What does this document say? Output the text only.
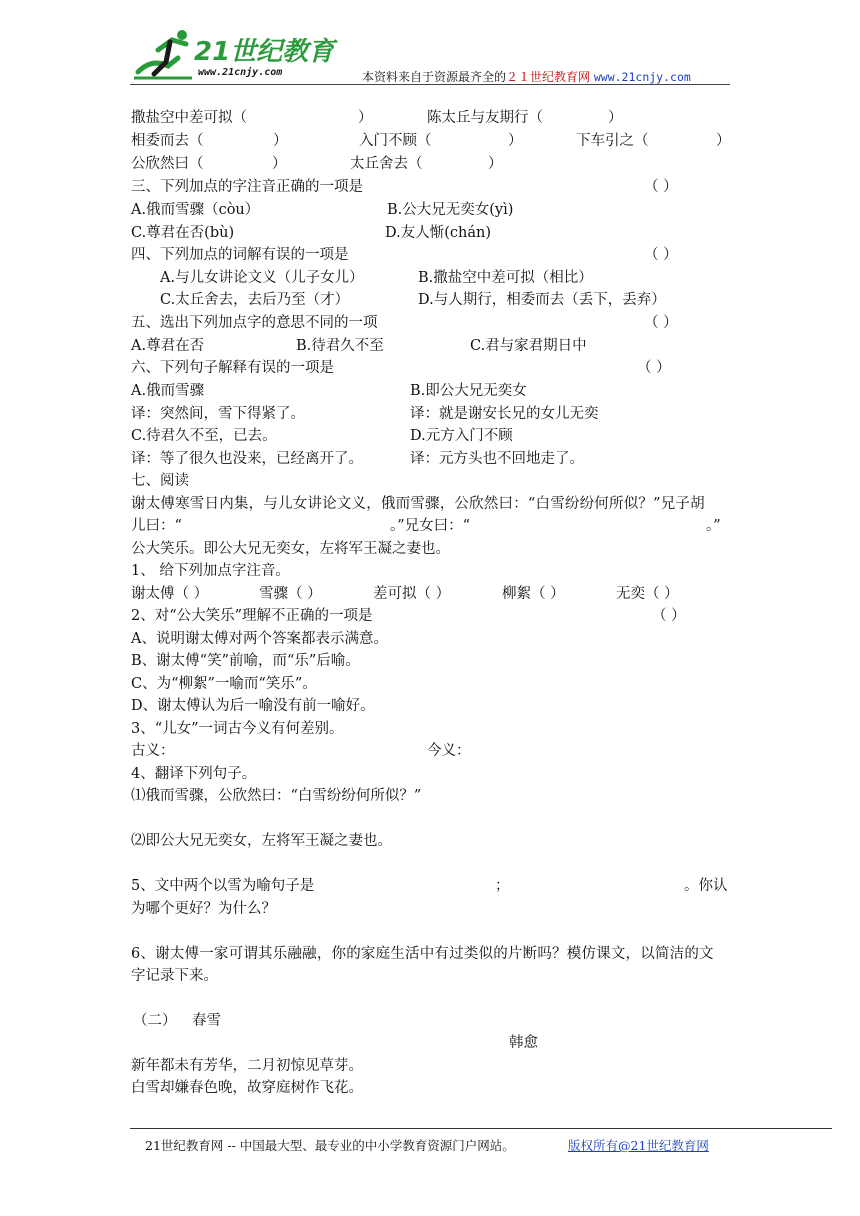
21世纪教育
www.21cnjy.com	本资料来自于资源最齐全的２１世纪教育网 www.21cnjy.com
撒盐空中差可拟（	）	陈太丘与友期行（	）
相委而去（	）	入门不顾（	）	下车引之（	）
公欣然曰（	）	太丘舍去（	）
三、下列加点的字注音正确的一项是	（ ）
A.俄而雪骤（còu）	B.公大兄无奕女(yì)
C.尊君在否(bù)	D.友人惭(chán)
四、下列加点的词解有误的一项是	（ ）
A.与儿女讲论文义（儿子女儿）	B.撒盐空中差可拟（相比）
C.太丘舍去，去后乃至（才）	D.与人期行，相委而去（丢下，丢弃）
五、选出下列加点字的意思不同的一项	（ ）
A.尊君在否	B.待君久不至	C.君与家君期日中
六、下列句子解释有误的一项是	（ ）
A.俄而雪骤	B.即公大兄无奕女
译：突然间，雪下得紧了。	译：就是谢安长兄的女儿无奕
C.待君久不至，已去。	D.元方入门不顾
译：等了很久也没来，已经离开了。	译：元方头也不回地走了。
七、阅读
谢太傅寒雪日内集，与儿女讲论文义，俄而雪骤，公欣然曰：“白雪纷纷何所似？”兄子胡
儿曰：“	。”兄女曰：“	。”
公大笑乐。即公大兄无奕女，左将军王凝之妻也。
1、 给下列加点字注音。
谢太傅（ ）	雪骤（ ）	差可拟（ ）	柳絮（ ）	无奕（ ）
2、对“公大笑乐”理解不正确的一项是	（ ）
A、说明谢太傅对两个答案都表示满意。
B、谢太傅“笑”前喻，而“乐”后喻。
C、为“柳絮”一喻而“笑乐”。
D、谢太傅认为后一喻没有前一喻好。
3、“儿女”一词古今义有何差别。
古义：	今义：
4、翻译下列句子。
⑴俄而雪骤，公欣然曰：“白雪纷纷何所似？”
⑵即公大兄无奕女，左将军王凝之妻也。
5、文中两个以雪为喻句子是	；	。你认
为哪个更好？为什么？
6、谢太傅一家可谓其乐融融，你的家庭生活中有过类似的片断吗？模仿课文，以简洁的文
字记录下来。
（二） 春雪
韩愈
新年都未有芳华，二月初惊见草芽。
白雪却嫌春色晚，故穿庭树作飞花。
21世纪教育网 -- 中国最大型、最专业的中小学教育资源门户网站。	版权所有@21世纪教育网
